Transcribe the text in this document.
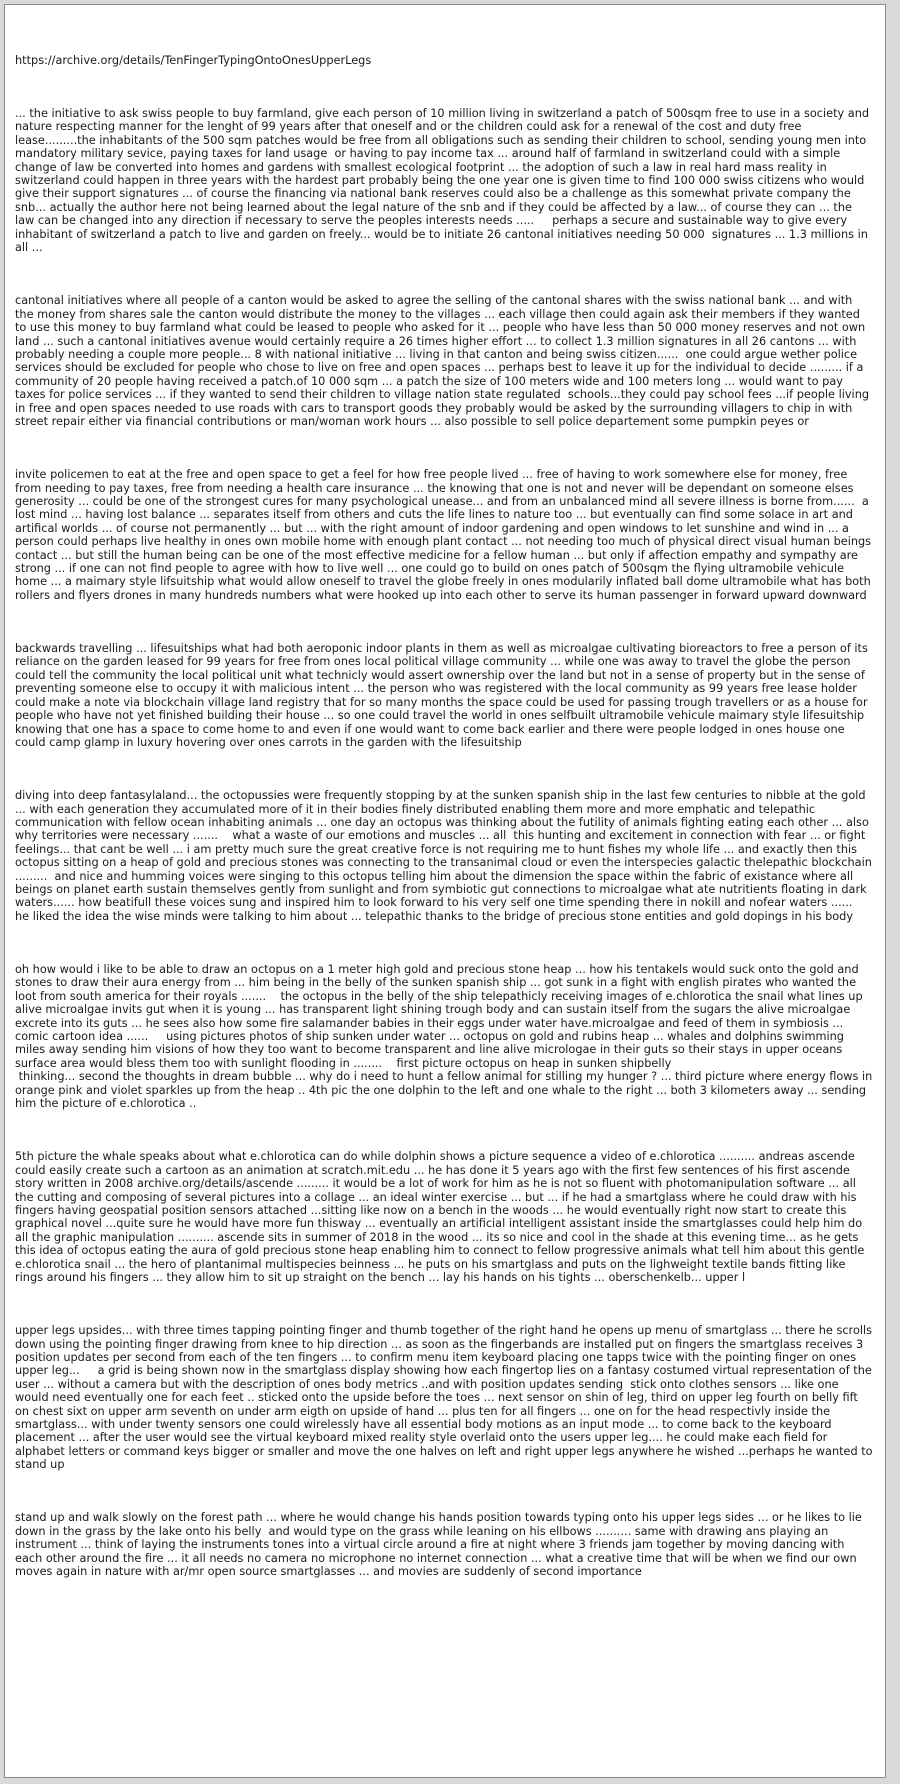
https://archive.org/details/TenFingerTypingOntoOnesUpperLegs

... the initiative to ask swiss people to buy farmland, give each person of 10 million living in switzerland a patch of 500sqm free to use in a society and nature respecting manner for the lenght of 99 years after that oneself and or the children could ask for a renewal of the cost and duty free lease.........the inhabitants of the 500 sqm patches would be free from all obligations such as sending their children to school, sending young men into mandatory military sevice, paying taxes for land usage  or having to pay income tax ... around half of farmland in switzerland could with a simple change of law be converted into homes and gardens with smallest ecological footprint ... the adoption of such a law in real hard mass reality in switzerland could happen in three years with the hardest part probably being the one year one is given time to find 100 000 swiss citizens who would give their support signatures ... of course the financing via national bank reserves could also be a challenge as this somewhat private company the snb... actually the author here not being learned about the legal nature of the snb and if they could be affected by a law... of course they can ... the law can be changed into any direction if necessary to serve the peoples interests needs .....     perhaps a secure and sustainable way to give every inhabitant of switzerland a patch to live and garden on freely... would be to initiate 26 cantonal initiatives needing 50 000  signatures ... 1.3 millions in all ...

cantonal initiatives where all people of a canton would be asked to agree the selling of the cantonal shares with the swiss national bank ... and with the money from shares sale the canton would distribute the money to the villages ... each village then could again ask their members if they wanted to use this money to buy farmland what could be leased to people who asked for it ... people who have less than 50 000 money reserves and not own land ... such a cantonal initiatives avenue would certainly require a 26 times higher effort ... to collect 1.3 million signatures in all 26 cantons ... with probably needing a couple more people... 8 with national initiative ... living in that canton and being swiss citizen......  one could argue wether police services should be excluded for people who chose to live on free and open spaces ... perhaps best to leave it up for the individual to decide ......... if a community of 20 people having received a patch.of 10 000 sqm ... a patch the size of 100 meters wide and 100 meters long ... would want to pay taxes for police services ... if they wanted to send their children to village nation state regulated  schools...they could pay school fees ...if people living in free and open spaces needed to use roads with cars to transport goods they probably would be asked by the surrounding villagers to chip in with street repair either via financial contributions or man/woman work hours ... also possible to sell police departement some pumpkin peyes or

invite policemen to eat at the free and open space to get a feel for how free people lived ... free of having to work somewhere else for money, free from needing to pay taxes, free from needing a health care insurance ... the knowing that one is not and never will be dependant on someone elses generosity ... could be one of the strongest cures for many psychological unease... and from an unbalanced mind all severe illness is borne from......  a lost mind ... having lost balance ... separates itself from others and cuts the life lines to nature too ... but eventually can find some solace in art and artifical worlds ... of course not permanently ... but ... with the right amount of indoor gardening and open windows to let sunshine and wind in ... a person could perhaps live healthy in ones own mobile home with enough plant contact ... not needing too much of physical direct visual human beings contact ... but still the human being can be one of the most effective medicine for a fellow human ... but only if affection empathy and sympathy are strong ... if one can not find people to agree with how to live well ... one could go to build on ones patch of 500sqm the flying ultramobile vehicule home ... a maimary style lifsuitship what would allow oneself to travel the globe freely in ones modularily inflated ball dome ultramobile what has both rollers and flyers drones in many hundreds numbers what were hooked up into each other to serve its human passenger in forward upward downward

backwards travelling ... lifesuitships what had both aeroponic indoor plants in them as well as microalgae cultivating bioreactors to free a person of its reliance on the garden leased for 99 years for free from ones local political village community ... while one was away to travel the globe the person could tell the community the local political unit what technicly would assert ownership over the land but not in a sense of property but in the sense of preventing someone else to occupy it with malicious intent ... the person who was registered with the local community as 99 years free lease holder could make a note via blockchain village land registry that for so many months the space could be used for passing trough travellers or as a house for people who have not yet finished building their house ... so one could travel the world in ones selfbuilt ultramobile vehicule maimary style lifesuitship knowing that one has a space to come home to and even if one would want to come back earlier and there were people lodged in ones house one could camp glamp in luxury hovering over ones carrots in the garden with the lifesuitship

diving into deep fantasylaland... the octopussies were frequently stopping by at the sunken spanish ship in the last few centuries to nibble at the gold ... with each generation they accumulated more of it in their bodies finely distributed enabling them more and more emphatic and telepathic communication with fellow ocean inhabiting animals ... one day an octopus was thinking about the futility of animals fighting eating each other ... also why territories were necessary .......    what a waste of our emotions and muscles ... all  this hunting and excitement in connection with fear ... or fight feelings... that cant be well ... i am pretty much sure the great creative force is not requiring me to hunt fishes my whole life ... and exactly then this octopus sitting on a heap of gold and precious stones was connecting to the transanimal cloud or even the interspecies galactic thelepathic blockchain .........  and nice and humming voices were singing to this octopus telling him about the dimension the space within the fabric of existance where all beings on planet earth sustain themselves gently from sunlight and from symbiotic gut connections to microalgae what ate nutritients floating in dark waters...... how beatifull these voices sung and inspired him to look forward to his very self one time spending there in nokill and nofear waters ......    he liked the idea the wise minds were talking to him about ... telepathic thanks to the bridge of precious stone entities and gold dopings in his body

oh how would i like to be able to draw an octopus on a 1 meter high gold and precious stone heap ... how his tentakels would suck onto the gold and stones to draw their aura energy from ... him being in the belly of the sunken spanish ship ... got sunk in a fight with english pirates who wanted the loot from south america for their royals .......    the octopus in the belly of the ship telepathicly receiving images of e.chlorotica the snail what lines up alive microalgae invits gut when it is young ... has transparent light shining trough body and can sustain itself from the sugars the alive microalgae excrete into its guts ... he sees also how some fire salamander babies in their eggs under water have.microalgae and feed of them in symbiosis ... comic cartoon idea ......     using pictures photos of ship sunken under water ... octopus on gold and rubins heap ... whales and dolphins swimming miles away sending him visions of how they too want to become transparent and line alive micrologae in their guts so their stays in upper oceans surface area would bless them too with sunlight flooding in ........    first picture octopus on heap in sunken shipbelly
thinking... second the thoughts in dream bubble ... why do i need to hunt a fellow animal for stilling my hunger ? ... third picture where energy flows in orange pink and violet sparkles up from the heap .. 4th pic the one dolphin to the left and one whale to the right ... both 3 kilometers away ... sending him the picture of e.chlorotica ..

5th picture the whale speaks about what e.chlorotica can do while dolphin shows a picture sequence a video of e.chlorotica .......... andreas ascende could easily create such a cartoon as an animation at scratch.mit.edu ... he has done it 5 years ago with the first few sentences of his first ascende story written in 2008 archive.org/details/ascende ......... it would be a lot of work for him as he is not so fluent with photomanipulation software ... all the cutting and composing of several pictures into a collage ... an ideal winter exercise ... but ... if he had a smartglass where he could draw with his fingers having geospatial position sensors attached ...sitting like now on a bench in the woods ... he would eventually right now start to create this graphical novel ...quite sure he would have more fun thisway ... eventually an artificial intelligent assistant inside the smartglasses could help him do all the graphic manipulation .......... ascende sits in summer of 2018 in the wood ... its so nice and cool in the shade at this evening time... as he gets this idea of octopus eating the aura of gold precious stone heap enabling him to connect to fellow progressive animals what tell him about this gentle e.chlorotica snail ... the hero of plantanimal multispecies beinness ... he puts on his smartglass and puts on the lighweight textile bands fitting like rings around his fingers ... they allow him to sit up straight on the bench ... lay his hands on his tights ... oberschenkelb... upper l

upper legs upsides... with three times tapping pointing finger and thumb together of the right hand he opens up menu of smartglass ... there he scrolls down using the pointing finger drawing from knee to hip direction ... as soon as the fingerbands are installed put on fingers the smartglass receives 3 position updates per second from each of the ten fingers ... to confirm menu item keyboard placing one tapps twice with the pointing finger on ones upper leg...     a grid is being shown now in the smartglass display showing how each fingertop lies on a fantasy costumed virtual representation of the user ... without a camera but with the description of ones body metrics ..and with position updates sending  stick onto clothes sensors ... like one would need eventually one for each feet .. sticked onto the upside before the toes ... next sensor on shin of leg, third on upper leg fourth on belly fift on chest sixt on upper arm seventh on under arm eigth on upside of hand ... plus ten for all fingers ... one on for the head respectivly inside the smartglass... with under twenty sensors one could wirelessly have all essential body motions as an input mode ... to come back to the keyboard placement ... after the user would see the virtual keyboard mixed reality style overlaid onto the users upper leg.... he could make each field for alphabet letters or command keys bigger or smaller and move the one halves on left and right upper legs anywhere he wished ...perhaps he wanted to stand up

stand up and walk slowly on the forest path ... where he would change his hands position towards typing onto his upper legs sides ... or he likes to lie down in the grass by the lake onto his belly  and would type on the grass while leaning on his ellbows .......... same with drawing ans playing an instrument ... think of laying the instruments tones into a virtual circle around a fire at night where 3 friends jam together by moving dancing with each other around the fire ... it all needs no camera no microphone no internet connection ... what a creative time that will be when we find our own moves again in nature with ar/mr open source smartglasses ... and movies are suddenly of second importance
